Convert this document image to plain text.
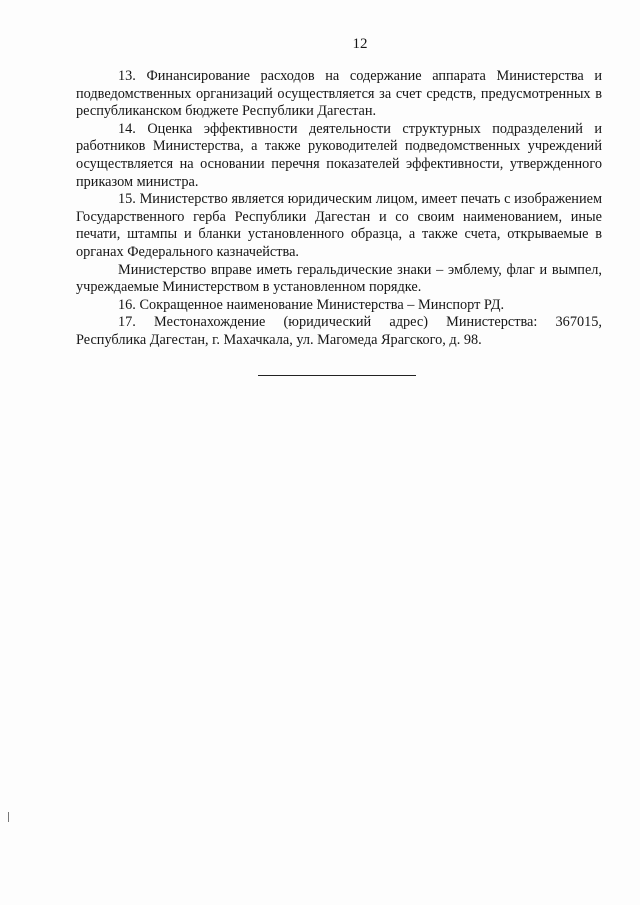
12

13. Финансирование расходов на содержание аппарата Министерства и подведомственных организаций осуществляется за счет средств, предусмотренных в республиканском бюджете Республики Дагестан.

14. Оценка эффективности деятельности структурных подразделений и работников Министерства, а также руководителей подведомственных учреждений осуществляется на основании перечня показателей эффективности, утвержденного приказом министра.

15. Министерство является юридическим лицом, имеет печать с изображением Государственного герба Республики Дагестан и со своим наименованием, иные печати, штампы и бланки установленного образца, а также счета, открываемые в органах Федерального казначейства.

Министерство вправе иметь геральдические знаки – эмблему, флаг и вымпел, учреждаемые Министерством в установленном порядке.

16. Сокращенное наименование Министерства – Минспорт РД.

17. Местонахождение (юридический адрес) Министерства: 367015, Республика Дагестан, г. Махачкала, ул. Магомеда Ярагского, д. 98.
